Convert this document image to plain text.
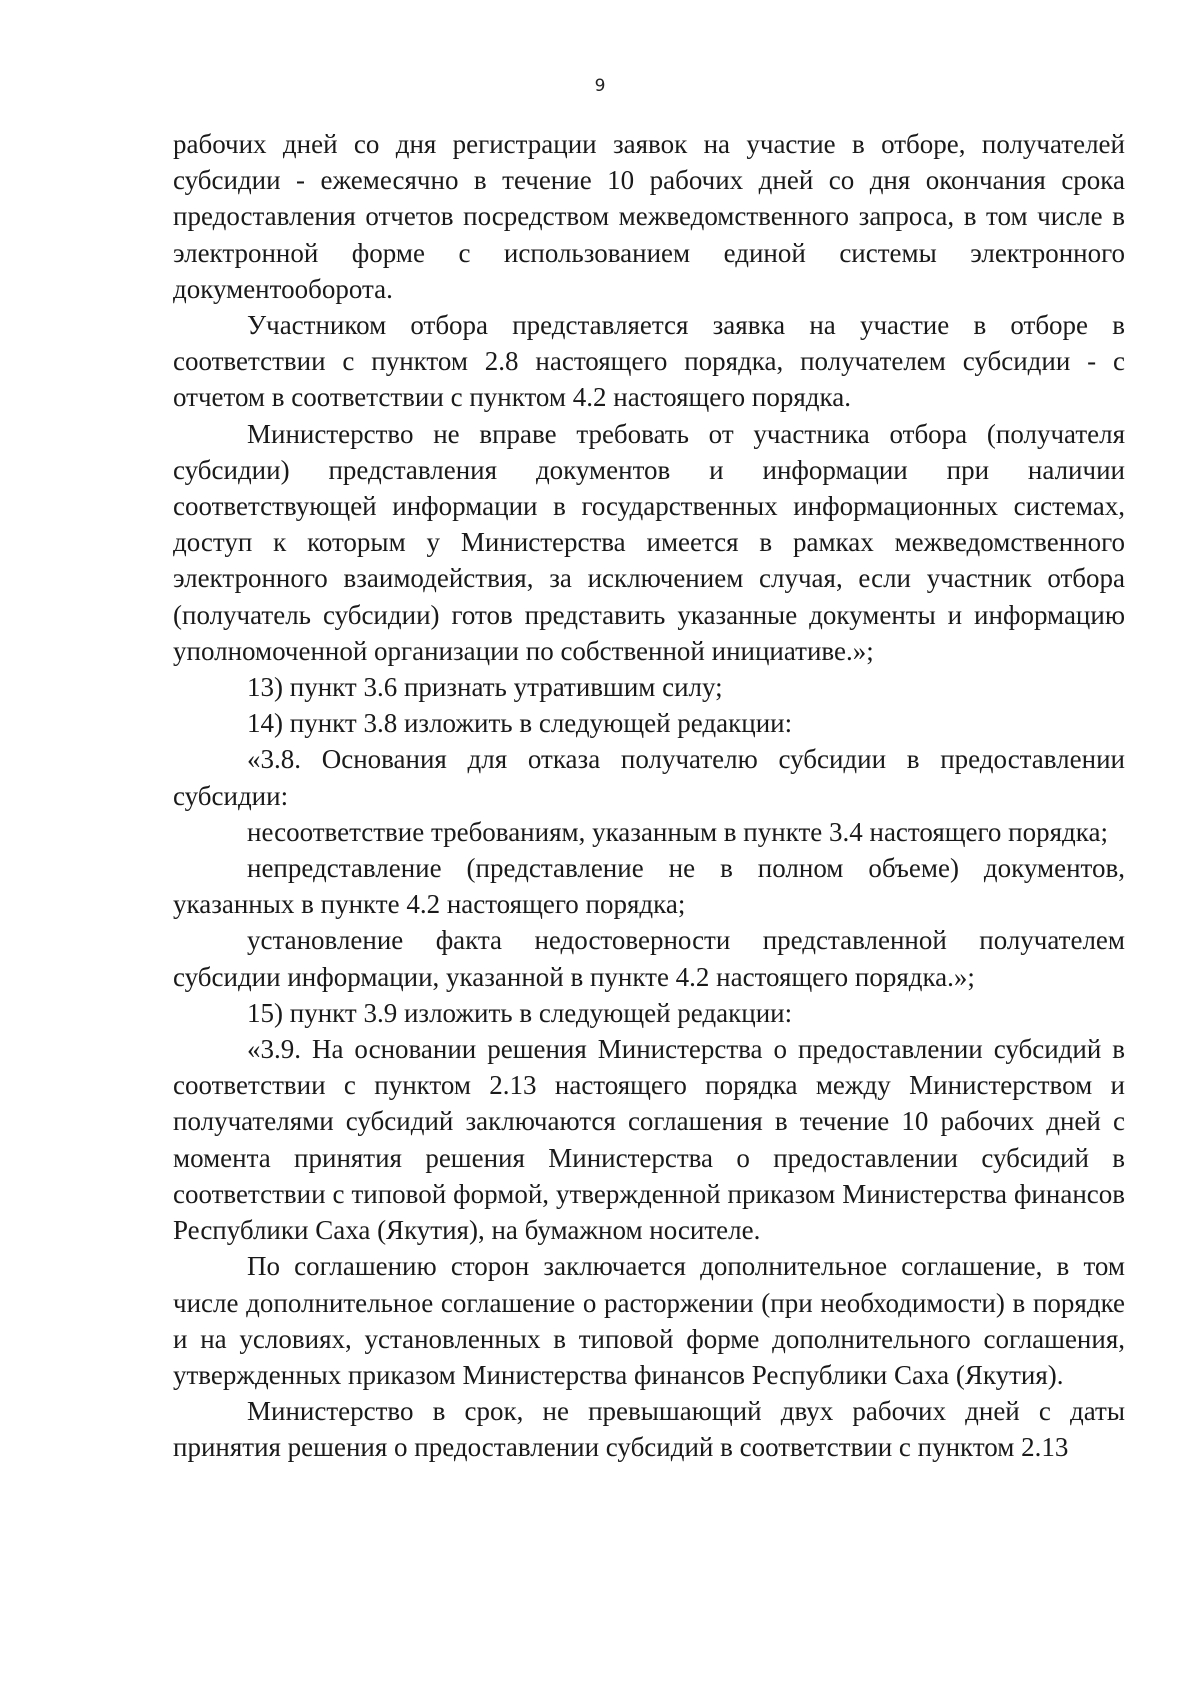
9

рабочих дней со дня регистрации заявок на участие в отборе, получателей субсидии - ежемесячно в течение 10 рабочих дней со дня окончания срока предоставления отчетов посредством межведомственного запроса, в том числе в электронной форме с использованием единой системы электронного документооборота.

Участником отбора представляется заявка на участие в отборе в соответствии с пунктом 2.8 настоящего порядка, получателем субсидии - с отчетом в соответствии с пунктом 4.2 настоящего порядка.

Министерство не вправе требовать от участника отбора (получателя субсидии) представления документов и информации при наличии соответствующей информации в государственных информационных системах, доступ к которым у Министерства имеется в рамках межведомственного электронного взаимодействия, за исключением случая, если участник отбора (получатель субсидии) готов представить указанные документы и информацию уполномоченной организации по собственной инициативе.»;

13) пункт 3.6 признать утратившим силу;

14) пункт 3.8 изложить в следующей редакции:

«3.8. Основания для отказа получателю субсидии в предоставлении субсидии:

несоответствие требованиям, указанным в пункте 3.4 настоящего порядка;

непредставление (представление не в полном объеме) документов, указанных в пункте 4.2 настоящего порядка;

установление факта недостоверности представленной получателем субсидии информации, указанной в пункте 4.2 настоящего порядка.»;

15) пункт 3.9 изложить в следующей редакции:

«3.9. На основании решения Министерства о предоставлении субсидий в соответствии с пунктом 2.13 настоящего порядка между Министерством и получателями субсидий заключаются соглашения в течение 10 рабочих дней с момента принятия решения Министерства о предоставлении субсидий в соответствии с типовой формой, утвержденной приказом Министерства финансов Республики Саха (Якутия), на бумажном носителе.

По соглашению сторон заключается дополнительное соглашение, в том числе дополнительное соглашение о расторжении (при необходимости) в порядке и на условиях, установленных в типовой форме дополнительного соглашения, утвержденных приказом Министерства финансов Республики Саха (Якутия).

Министерство в срок, не превышающий двух рабочих дней с даты принятия решения о предоставлении субсидий в соответствии с пунктом 2.13
